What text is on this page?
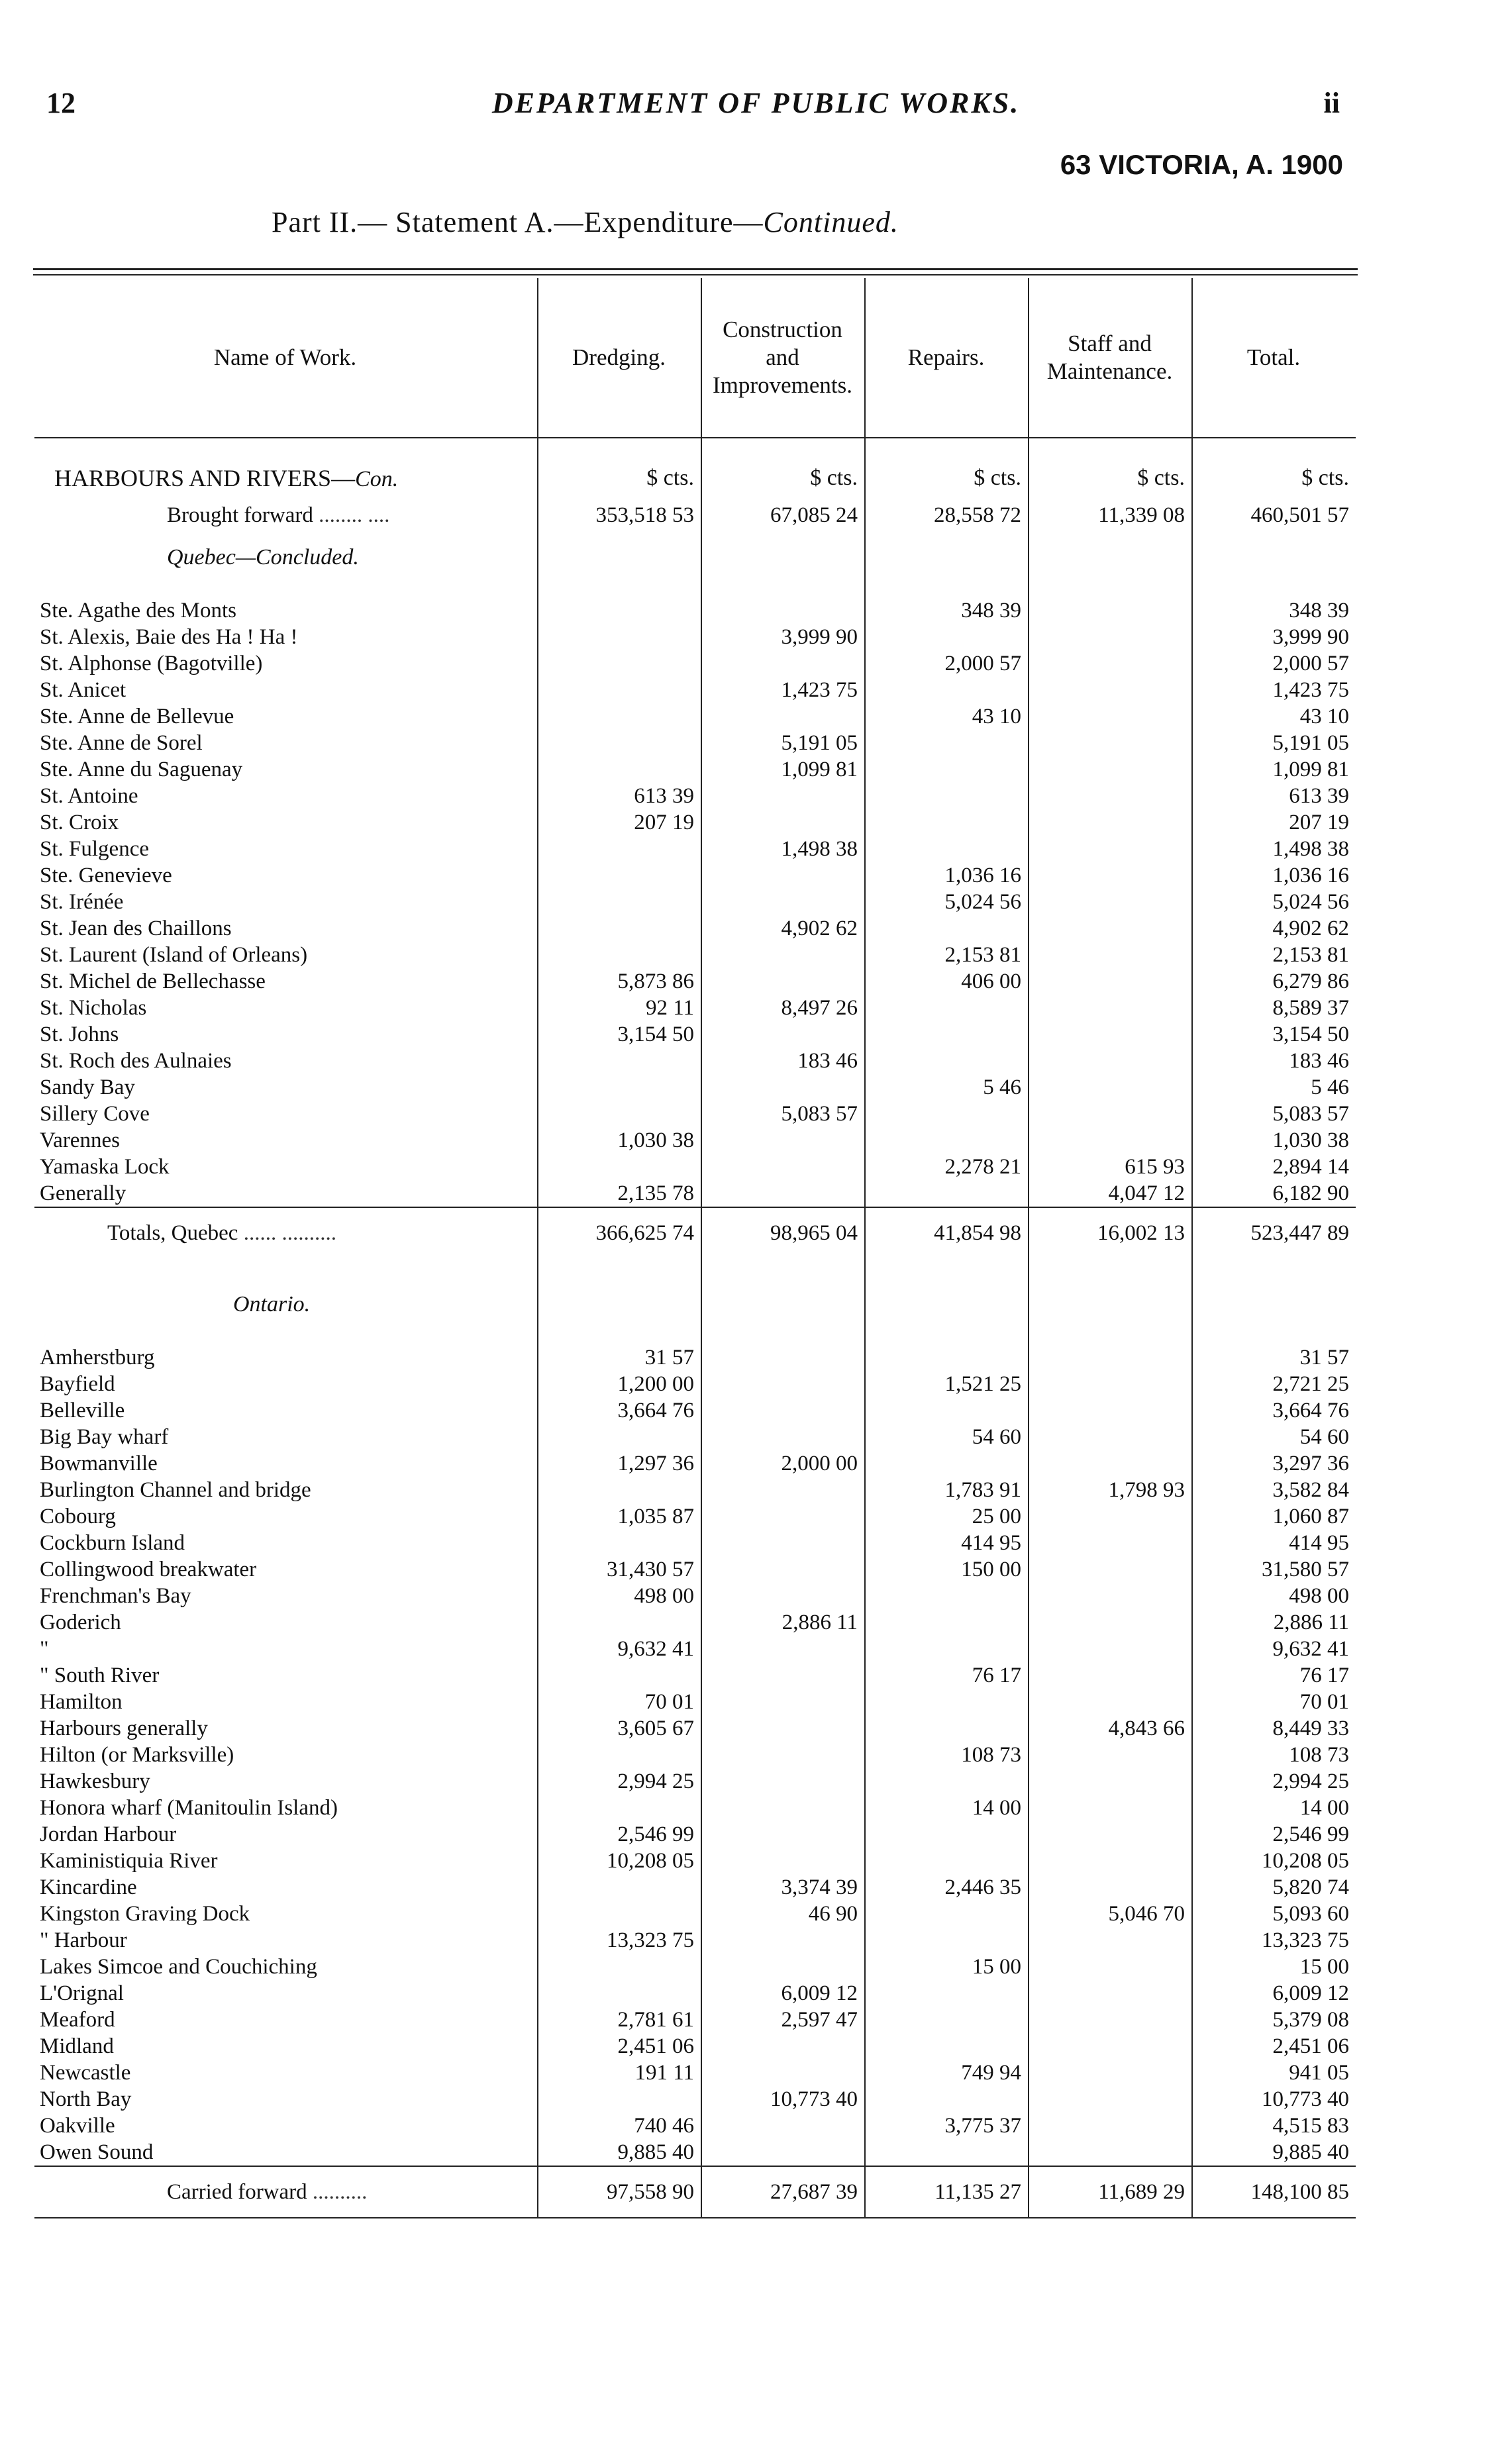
12	DEPARTMENT OF PUBLIC WORKS.	ii
63 VICTORIA, A. 1900
Part II.— Statement A.—Expenditure—Continued.
Name of Work.	Dredging.	Construction and Improvements.	Repairs.	Staff and Maintenance.	Total.
HARBOURS AND RIVERS—Con.	$ cts.	$ cts.	$ cts.	$ cts.	$ cts.
Brought forward ........ ....	353,518 53	67,085 24	28,558 72	11,339 08	460,501 57
Quebec—Concluded.					
Ste. Agathe des Monts			348 39		348 39
St. Alexis, Baie des Ha ! Ha !		3,999 90			3,999 90
St. Alphonse (Bagotville)			2,000 57		2,000 57
St. Anicet		1,423 75			1,423 75
Ste. Anne de Bellevue			43 10		43 10
Ste. Anne de Sorel		5,191 05			5,191 05
Ste. Anne du Saguenay		1,099 81			1,099 81
St. Antoine	613 39				613 39
St. Croix	207 19				207 19
St. Fulgence		1,498 38			1,498 38
Ste. Genevieve			1,036 16		1,036 16
St. Irénée			5,024 56		5,024 56
St. Jean des Chaillons		4,902 62			4,902 62
St. Laurent (Island of Orleans)			2,153 81		2,153 81
St. Michel de Bellechasse	5,873 86		406 00		6,279 86
St. Nicholas	92 11	8,497 26			8,589 37
St. Johns	3,154 50				3,154 50
St. Roch des Aulnaies		183 46			183 46
Sandy Bay			5 46		5 46
Sillery Cove		5,083 57			5,083 57
Varennes	1,030 38				1,030 38
Yamaska Lock			2,278 21	615 93	2,894 14
Generally	2,135 78			4,047 12	6,182 90
Totals, Quebec ...... ..........	366,625 74	98,965 04	41,854 98	16,002 13	523,447 89
Ontario.					
Amherstburg	31 57				31 57
Bayfield	1,200 00		1,521 25		2,721 25
Belleville	3,664 76				3,664 76
Big Bay wharf			54 60		54 60
Bowmanville	1,297 36	2,000 00			3,297 36
Burlington Channel and bridge			1,783 91	1,798 93	3,582 84
Cobourg	1,035 87		25 00		1,060 87
Cockburn Island			414 95		414 95
Collingwood breakwater	31,430 57		150 00		31,580 57
Frenchman's Bay	498 00				498 00
Goderich		2,886 11			2,886 11
"	9,632 41				9,632 41
" South River			76 17		76 17
Hamilton	70 01				70 01
Harbours generally	3,605 67			4,843 66	8,449 33
Hilton (or Marksville)			108 73		108 73
Hawkesbury	2,994 25				2,994 25
Honora wharf (Manitoulin Island)			14 00		14 00
Jordan Harbour	2,546 99				2,546 99
Kaministiquia River	10,208 05				10,208 05
Kincardine		3,374 39	2,446 35		5,820 74
Kingston Graving Dock		46 90		5,046 70	5,093 60
" Harbour	13,323 75				13,323 75
Lakes Simcoe and Couchiching			15 00		15 00
L'Orignal		6,009 12			6,009 12
Meaford	2,781 61	2,597 47			5,379 08
Midland	2,451 06				2,451 06
Newcastle	191 11		749 94		941 05
North Bay		10,773 40			10,773 40
Oakville	740 46		3,775 37		4,515 83
Owen Sound	9,885 40				9,885 40
Carried forward ..........	97,558 90	27,687 39	11,135 27	11,689 29	148,100 85
